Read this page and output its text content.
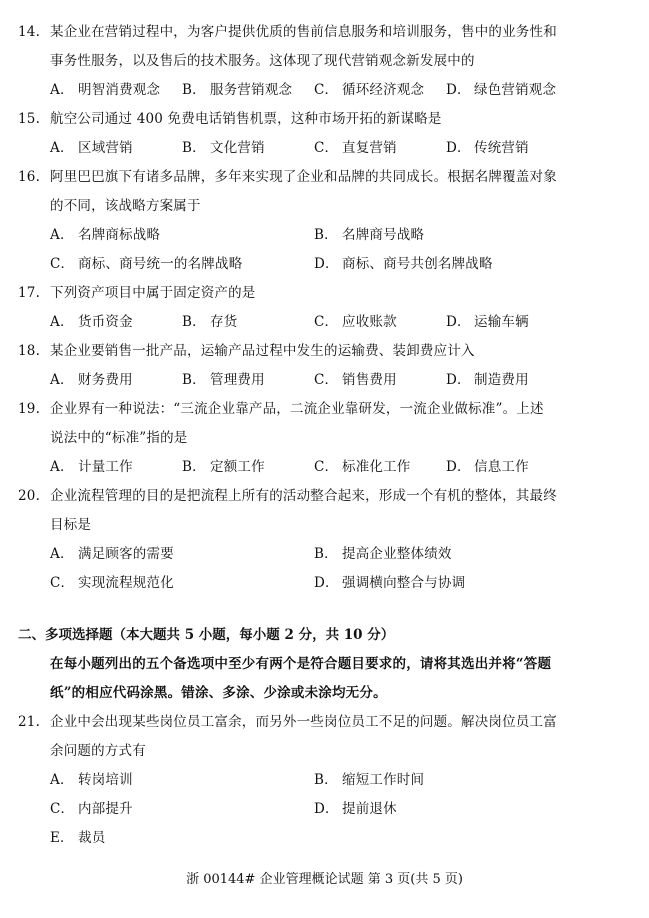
14. 某企业在营销过程中，为客户提供优质的售前信息服务和培训服务，售中的业务性和
事务性服务，以及售后的技术服务。这体现了现代营销观念新发展中的
A． 明智消费观念 B． 服务营销观念 C． 循环经济观念 D． 绿色营销观念
15. 航空公司通过 400 免费电话销售机票，这种市场开拓的新谋略是
A． 区域营销	B． 文化营销	C． 直复营销	D． 传统营销
16. 阿里巴巴旗下有诸多品牌，多年来实现了企业和品牌的共同成长。根据名牌覆盖对象
的不同，该战略方案属于
A． 名牌商标战略	B． 名牌商号战略
C． 商标、商号统一的名牌战略	D． 商标、商号共创名牌战略
17. 下列资产项目中属于固定资产的是
A． 货币资金	B． 存货	C． 应收账款	D． 运输车辆
18. 某企业要销售一批产品，运输产品过程中发生的运输费、装卸费应计入
A． 财务费用	B． 管理费用	C． 销售费用	D． 制造费用
19. 企业界有一种说法：“三流企业靠产品，二流企业靠研发，一流企业做标准”。上述
说法中的“标准”指的是
A． 计量工作	B． 定额工作	C． 标准化工作	D． 信息工作
20. 企业流程管理的目的是把流程上所有的活动整合起来，形成一个有机的整体，其最终
目标是
A． 满足顾客的需要	B． 提高企业整体绩效
C． 实现流程规范化	D． 强调横向整合与协调
二、多项选择题（本大题共 5 小题，每小题 2 分，共 10 分）
在每小题列出的五个备选项中至少有两个是符合题目要求的，请将其选出并将“答题
纸”的相应代码涂黑。错涂、多涂、少涂或未涂均无分。
21. 企业中会出现某些岗位员工富余，而另外一些岗位员工不足的问题。解决岗位员工富
余问题的方式有
A． 转岗培训	B． 缩短工作时间
C． 内部提升	D． 提前退休
E． 裁员
浙 00144# 企业管理概论试题 第 3 页(共 5 页)
